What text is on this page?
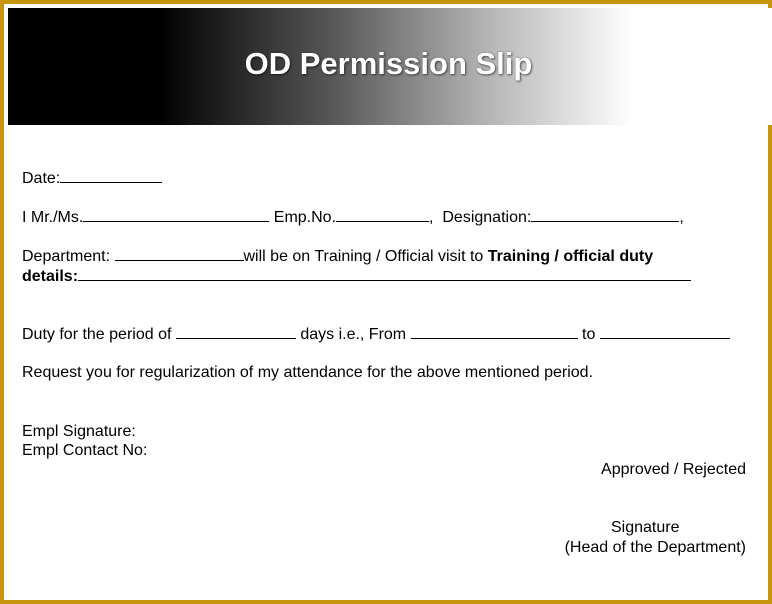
OD Permission Slip
Date:
I Mr./Ms.	Emp.No.	,  Designation:	,
Department:	will be on Training / Official visit to Training / official duty
details:
Duty for the period of	days i.e., From	to
Request you for regularization of my attendance for the above mentioned period.
Empl Signature:
Empl Contact No:
Approved / Rejected
Signature
(Head of the Department)
